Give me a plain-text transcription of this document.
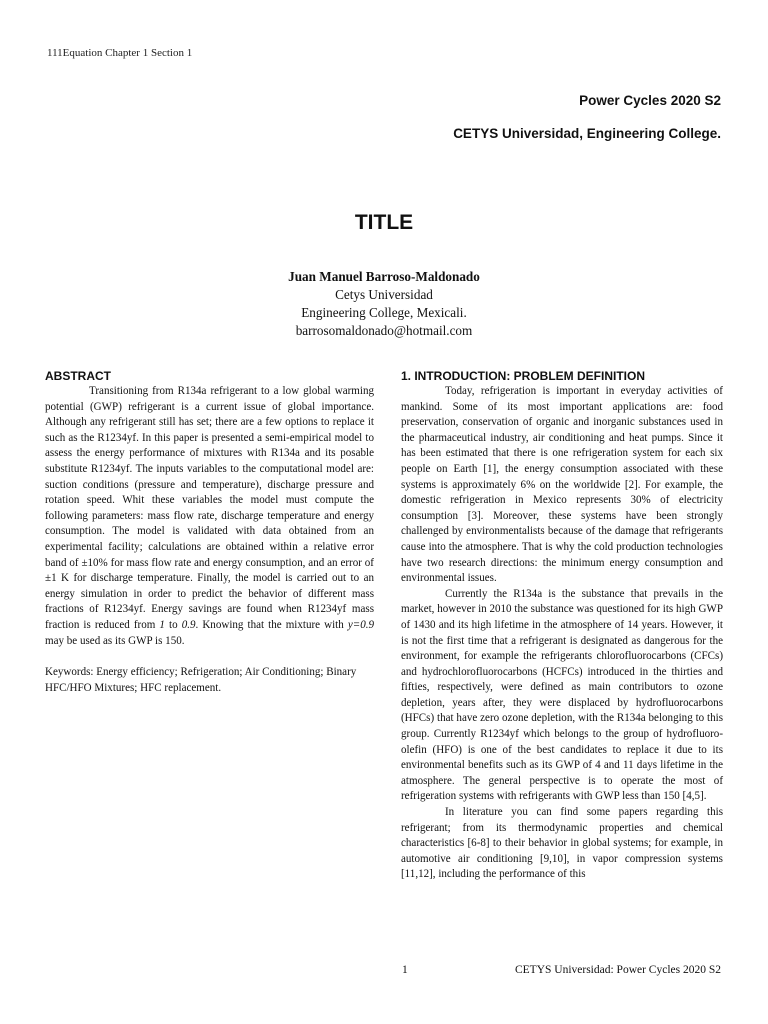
111Equation Chapter 1 Section 1
Power Cycles 2020 S2
CETYS Universidad, Engineering College.
TITLE
Juan Manuel Barroso-Maldonado
Cetys Universidad
Engineering College, Mexicali.
barrosomaldonado@hotmail.com
ABSTRACT

Transitioning from R134a refrigerant to a low global warming potential (GWP) refrigerant is a current issue of global importance. Although any refrigerant still has set; there are a few options to replace it such as the R1234yf. In this paper is presented a semi-empirical model to assess the energy performance of mixtures with R134a and its posable substitute R1234yf. The inputs variables to the computational model are: suction conditions (pressure and temperature), discharge pressure and rotation speed. Whit these variables the model must compute the following parameters: mass flow rate, discharge temperature and energy consumption. The model is validated with data obtained from an experimental facility; calculations are obtained within a relative error band of ±10% for mass flow rate and energy consumption, and an error of ±1 K for discharge temperature. Finally, the model is carried out to an energy simulation in order to predict the behavior of different mass fractions of R1234yf. Energy savings are found when R1234yf mass fraction is reduced from 1 to 0.9. Knowing that the mixture with y=0.9 may be used as its GWP is 150.

Keywords: Energy efficiency; Refrigeration; Air Conditioning; Binary HFC/HFO Mixtures; HFC replacement.

1. INTRODUCTION: PROBLEM DEFINITION

Today, refrigeration is important in everyday activities of mankind. Some of its most important applications are: food preservation, conservation of organic and inorganic substances used in the pharmaceutical industry, air conditioning and heat pumps. Since it has been estimated that there is one refrigeration system for each six people on Earth [1], the energy consumption associated with these systems is approximately 6% on the worldwide [2]. For example, the domestic refrigeration in Mexico represents 30% of electricity consumption [3]. Moreover, these systems have been strongly challenged by environmentalists because of the damage that refrigerants cause into the atmosphere. That is why the cold production technologies have two research directions: the minimum energy consumption and environmental issues.

Currently the R134a is the substance that prevails in the market, however in 2010 the substance was questioned for its high GWP of 1430 and its high lifetime in the atmosphere of 14 years. However, it is not the first time that a refrigerant is designated as dangerous for the environment, for example the refrigerants chlorofluorocarbons (CFCs) and hydrochlorofluorocarbons (HCFCs) introduced in the thirties and fifties, respectively, were defined as main contributors to ozone depletion, years after, they were displaced by hydrofluorocarbons (HFCs) that have zero ozone depletion, with the R134a belonging to this group. Currently R1234yf which belongs to the group of hydrofluoro-olefin (HFO) is one of the best candidates to replace it due to its environmental benefits such as its GWP of 4 and 11 days lifetime in the atmosphere. The general perspective is to operate the most of refrigeration systems with refrigerants with GWP less than 150 [4,5].

In literature you can find some papers regarding this refrigerant; from its thermodynamic properties and chemical characteristics [6-8] to their behavior in global systems; for example, in automotive air conditioning [9,10], in vapor compression systems [11,12], including the performance of this

1	CETYS Universidad: Power Cycles 2020 S2
